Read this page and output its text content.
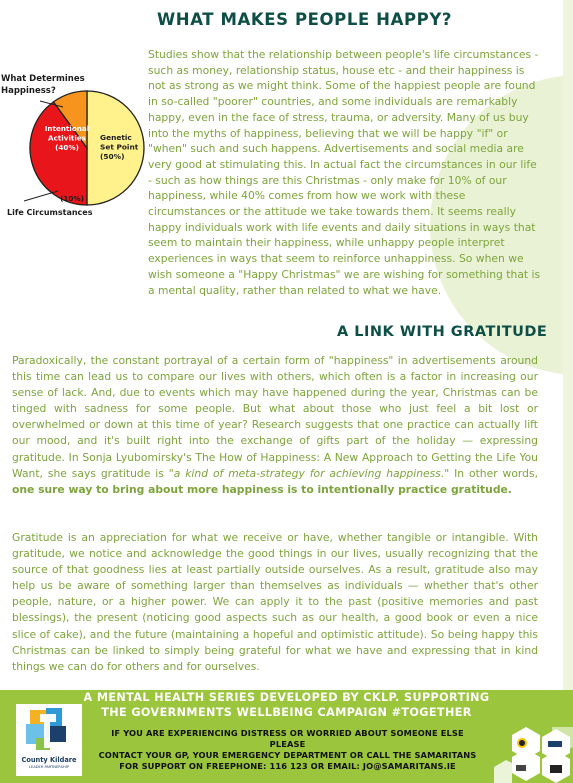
WHAT MAKES PEOPLE HAPPY?
Genetic
Set Point
(50%)
Intentional
Activities
(40%)
(10%)
What Determines
Happiness?
Life Circumstances

Studies show that the relationship between people's life circumstances - such as money, relationship status, house etc - and their happiness is not as strong as we might think. Some of the happiest people are found in so-called "poorer" countries, and some individuals are remarkably happy, even in the face of stress, trauma, or adversity. Many of us buy into the myths of happiness, believing that we will be happy "if" or "when" such and such happens. Advertisements and social media are very good at stimulating this. In actual fact the circumstances in our life - such as how things are this Christmas - only make for 10% of our happiness, while 40% comes from how we work with these circumstances or the attitude we take towards them. It seems really happy individuals work with life events and daily situations in ways that seem to maintain their happiness, while unhappy people interpret experiences in ways that seem to reinforce unhappiness. So when we wish someone a "Happy Christmas" we are wishing for something that is a mental quality, rather than related to what we have.

A LINK WITH GRATITUDE

Paradoxically, the constant portrayal of a certain form of "happiness" in advertisements around this time can lead us to compare our lives with others, which often is a factor in increasing our sense of lack. And, due to events which may have happened during the year, Christmas can be tinged with sadness for some people. But what about those who just feel a bit lost or overwhelmed or down at this time of year? Research suggests that one practice can actually lift our mood, and it's built right into the exchange of gifts part of the holiday — expressing gratitude. In Sonja Lyubomirsky's The How of Happiness: A New Approach to Getting the Life You Want, she says gratitude is "a kind of meta-strategy for achieving happiness." In other words, one sure way to bring about more happiness is to intentionally practice gratitude.

Gratitude is an appreciation for what we receive or have, whether tangible or intangible. With gratitude, we notice and acknowledge the good things in our lives, usually recognizing that the source of that goodness lies at least partially outside ourselves. As a result, gratitude also may help us be aware of something larger than themselves as individuals — whether that's other people, nature, or a higher power. We can apply it to the past (positive memories and past blessings), the present (noticing good aspects such as our health, a good book or even a nice slice of cake), and the future (maintaining a hopeful and optimistic attitude). So being happy this Christmas can be linked to simply being grateful for what we have and expressing that in kind things we can do for others and for ourselves.

A MENTAL HEALTH SERIES DEVELOPED BY CKLP. SUPPORTING
THE GOVERNMENTS WELLBEING CAMPAIGN #TOGETHER
IF YOU ARE EXPERIENCING DISTRESS OR WORRIED ABOUT SOMEONE ELSE PLEASE
CONTACT YOUR GP, YOUR EMERGENCY DEPARTMENT OR CALL THE SAMARITANS
FOR SUPPORT ON FREEPHONE: 116 123 OR EMAIL: JO@SAMARITANS.IE
County Kildare
LEADER PARTNERSHIP
